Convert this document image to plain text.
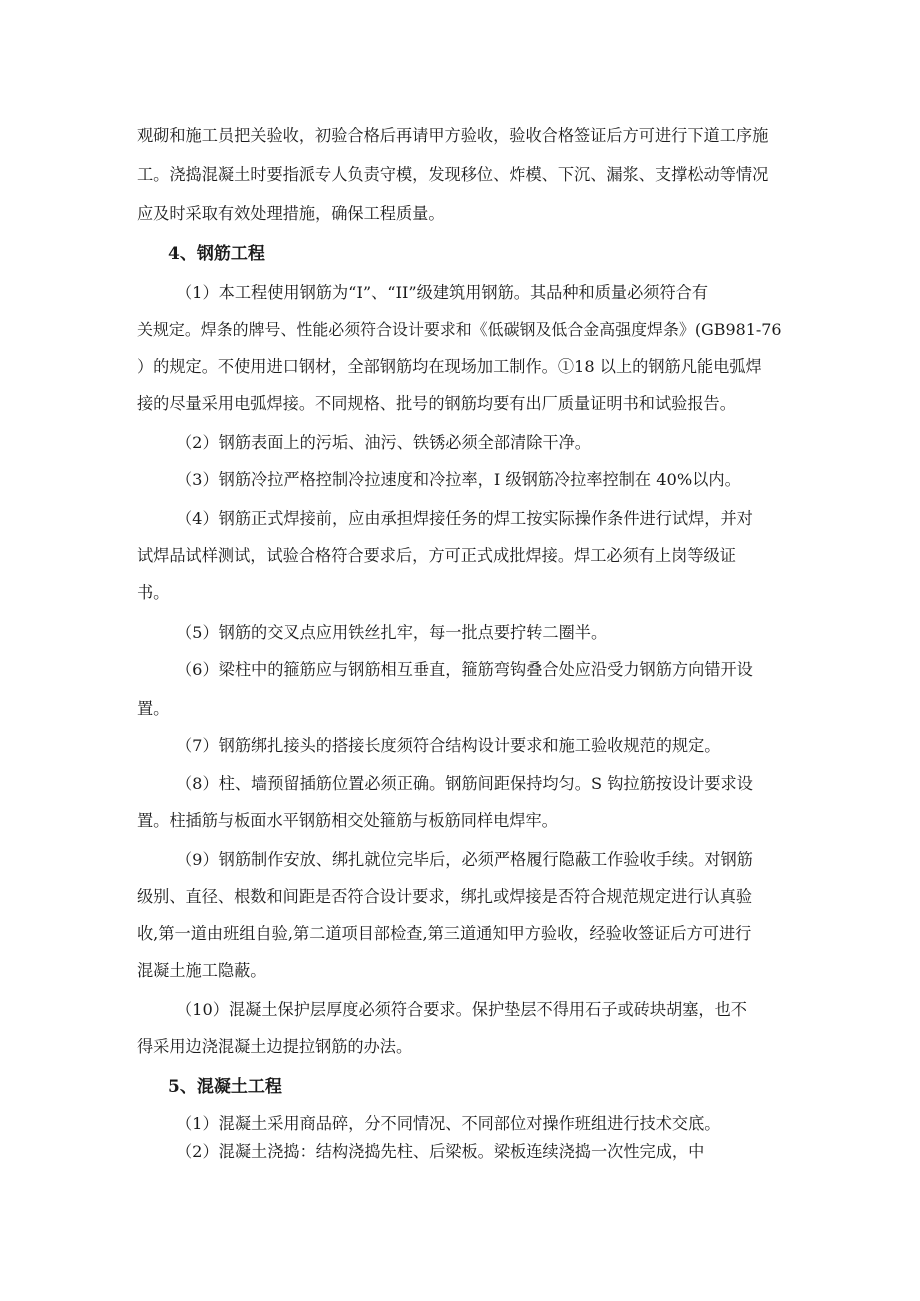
观砌和施工员把关验收，初验合格后再请甲方验收，验收合格签证后方可进行下道工序施

工。浇捣混凝土时要指派专人负责守模，发现移位、炸模、下沉、漏浆、支撑松动等情况

应及时采取有效处理措施，确保工程质量。

4、钢筋工程

（1）本工程使用钢筋为“I”、“II”级建筑用钢筋。其品种和质量必须符合有

关规定。焊条的牌号、性能必须符合设计要求和《低碳钢及低合金高强度焊条》(GB981-76

）的规定。不使用进口钢材，全部钢筋均在现场加工制作。①18 以上的钢筋凡能电弧焊

接的尽量采用电弧焊接。不同规格、批号的钢筋均要有出厂质量证明书和试验报告。

（2）钢筋表面上的污垢、油污、铁锈必须全部清除干净。

（3）钢筋冷拉严格控制冷拉速度和冷拉率，I 级钢筋冷拉率控制在 40%以内。

（4）钢筋正式焊接前，应由承担焊接任务的焊工按实际操作条件进行试焊，并对

试焊品试样测试，试验合格符合要求后，方可正式成批焊接。焊工必须有上岗等级证

书。

（5）钢筋的交叉点应用铁丝扎牢，每一批点要拧转二圈半。

（6）梁柱中的箍筋应与钢筋相互垂直，箍筋弯钩叠合处应沿受力钢筋方向错开设

置。

（7）钢筋绑扎接头的搭接长度须符合结构设计要求和施工验收规范的规定。

（8）柱、墙预留插筋位置必须正确。钢筋间距保持均匀。S 钩拉筋按设计要求设

置。柱插筋与板面水平钢筋相交处箍筋与板筋同样电焊牢。

（9）钢筋制作安放、绑扎就位完毕后，必须严格履行隐蔽工作验收手续。对钢筋

级别、直径、根数和间距是否符合设计要求，绑扎或焊接是否符合规范规定进行认真验

收,第一道由班组自验,第二道项目部检查,第三道通知甲方验收，经验收签证后方可进行

混凝土施工隐蔽。

（10）混凝土保护层厚度必须符合要求。保护垫层不得用石子或砖块胡塞，也不

得采用边浇混凝土边提拉钢筋的办法。

5、混凝土工程

（1）混凝土采用商品碎，分不同情况、不同部位对操作班组进行技术交底。

（2）混凝土浇捣：结构浇捣先柱、后梁板。梁板连续浇捣一次性完成，中
